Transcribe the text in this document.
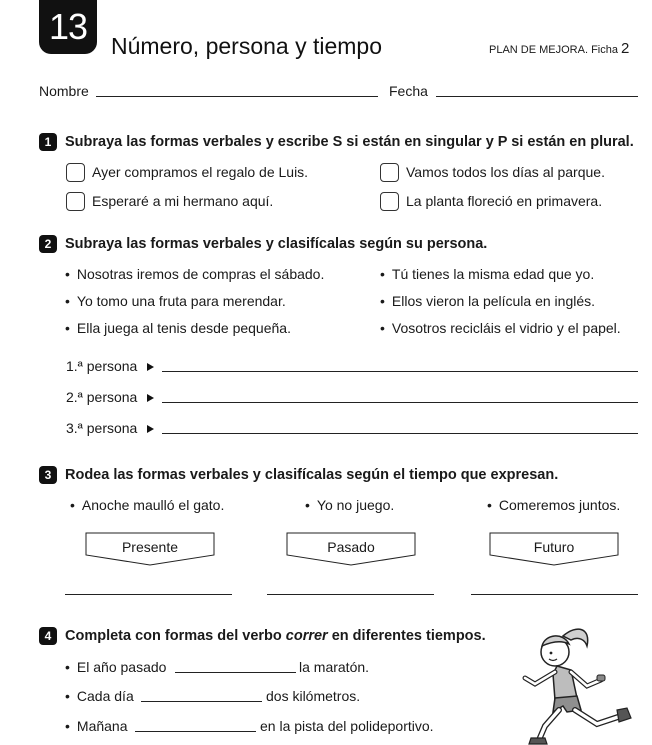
13	Número, persona y tiempo	PLAN DE MEJORA. Ficha 2
Nombre	Fecha
1 Subraya las formas verbales y escribe S si están en singular y P si están en plural.
Ayer compramos el regalo de Luis.	Vamos todos los días al parque.
Esperaré a mi hermano aquí.	La planta floreció en primavera.
2 Subraya las formas verbales y clasifícalas según su persona.
• Nosotras iremos de compras el sábado.	• Tú tienes la misma edad que yo.
• Yo tomo una fruta para merendar.	• Ellos vieron la película en inglés.
• Ella juega al tenis desde pequeña.	• Vosotros recicláis el vidrio y el papel.
1.ª persona
2.ª persona
3.ª persona
3 Rodea las formas verbales y clasifícalas según el tiempo que expresan.
• Anoche maulló el gato.	• Yo no juego.	• Comeremos juntos.
Presente	Pasado	Futuro
4 Completa con formas del verbo correr en diferentes tiempos.
• El año pasado	la maratón.
• Cada día	dos kilómetros.
• Mañana	en la pista del polideportivo.
